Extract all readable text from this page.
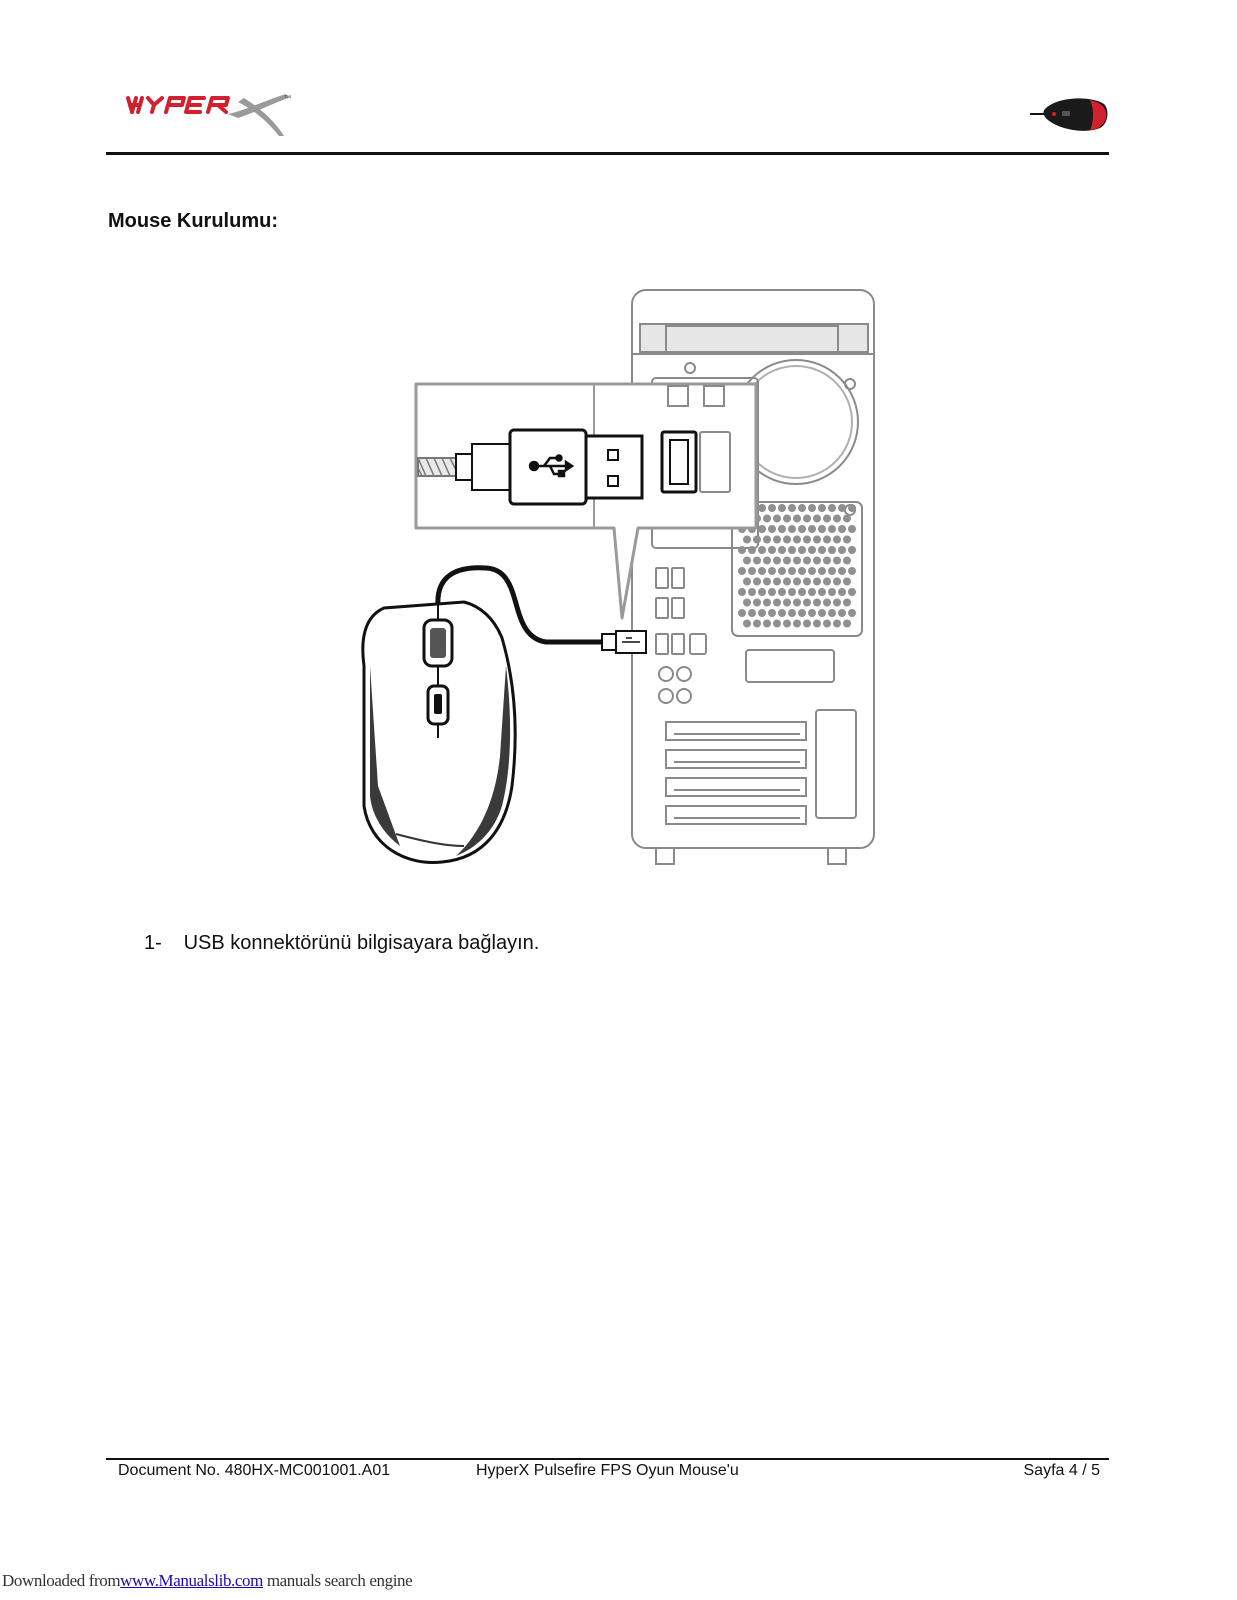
™
Mouse Kurulumu:
1- USB konnektörünü bilgisayara bağlayın.
Document No. 480HX-MC001001.A01	HyperX Pulsefire FPS Oyun Mouse'u	Sayfa 4 / 5
Downloaded fromwww.Manualslib.com manuals search engine
